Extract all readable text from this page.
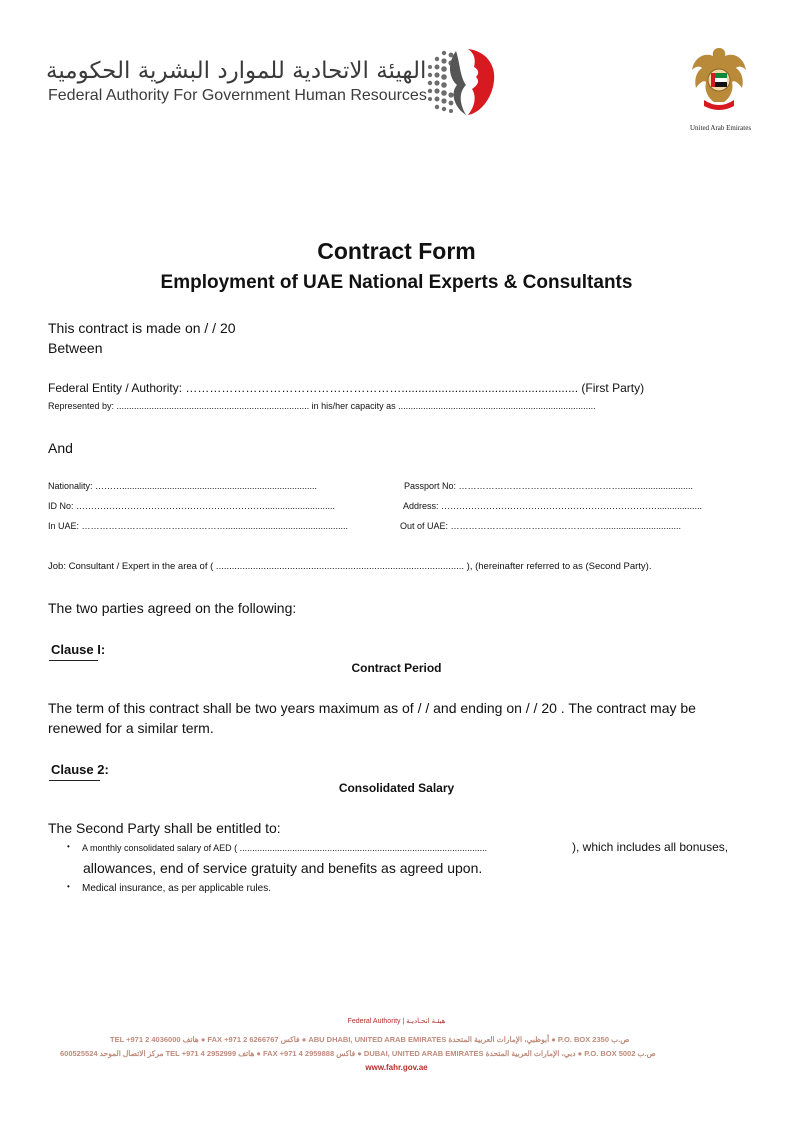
الهيئة الاتحادية للموارد البشرية الحكومية
Federal Authority For Government Human Resources
United Arab Emirates
Contract Form
Employment of UAE National Experts & Consultants
This contract is made on / / 20
Between
Federal Entity / Authority: ………………………………………………..................................................... (First Party)
Represented by: ............................................................................. in his/her capacity as ...............................................................................
And
Nationality: ………..............................................................................	Passport No: ……………………………………………….............................
ID No: ………………………………………………………............................	Address: ………………………………………………………………..................
In UAE: ………………………………………….................................................	Out of UAE: ……………………………………………...............................
Job: Consultant / Expert in the area of ( .............................................................................................. ), (hereinafter referred to as (Second Party).
The two parties agreed on the following:
Clause I:
Contract Period
The term of this contract shall be two years maximum as of / / and ending on / / 20 . The contract may be renewed for a similar term.
Clause 2:
Consolidated Salary
The Second Party shall be entitled to:
• A monthly consolidated salary of AED ( ...................................................................................................	), which includes all bonuses,
allowances, end of service gratuity and benefits as agreed upon.
• Medical insurance, as per applicable rules.
Federal Authority | هيئـة اتحـاديـة
TEL +971 2 4036000 هاتف ● FAX +971 2 6266767 فاكس ● ABU DHABI, UNITED ARAB EMIRATES أبوظبي، الإمارات العربية المتحدة ● P.O. BOX 2350 ص.ب
600525524 مركز الاتصال الموحد TEL +971 4 2952999 هاتف ● FAX +971 4 2959888 فاكس ● DUBAI, UNITED ARAB EMIRATES دبي، الإمارات العربية المتحدة ● P.O. BOX 5002 ص.ب
www.fahr.gov.ae
